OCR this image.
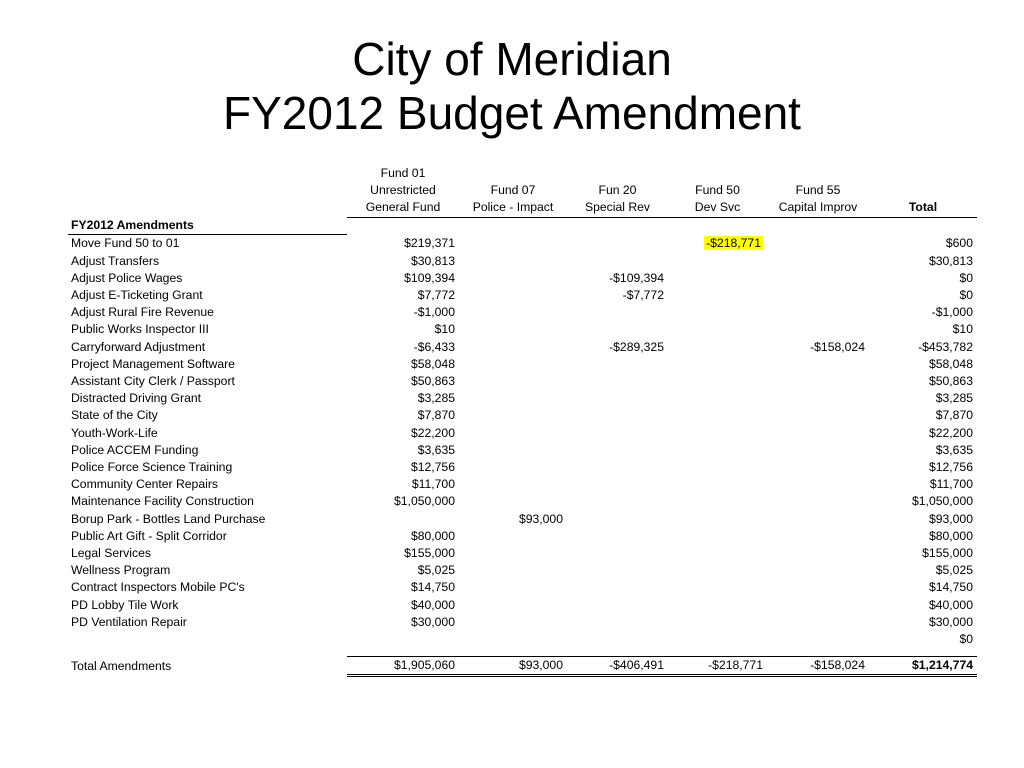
City of Meridian
FY2012 Budget Amendment
	Fund 01					
	Unrestricted	Fund 07	Fun 20	Fund 50	Fund 55	
	General Fund	Police - Impact	Special Rev	Dev Svc	Capital Improv	Total
FY2012 Amendments						
Move Fund 50 to 01	$219,371			-$218,771		$600
Adjust Transfers	$30,813					$30,813
Adjust Police Wages	$109,394		-$109,394			$0
Adjust E-Ticketing Grant	$7,772		-$7,772			$0
Adjust Rural Fire Revenue	-$1,000					-$1,000
Public Works Inspector III	$10					$10
Carryforward Adjustment	-$6,433		-$289,325		-$158,024	-$453,782
Project Management Software	$58,048					$58,048
Assistant City Clerk / Passport	$50,863					$50,863
Distracted Driving Grant	$3,285					$3,285
State of the City	$7,870					$7,870
Youth-Work-Life	$22,200					$22,200
Police ACCEM Funding	$3,635					$3,635
Police Force Science Training	$12,756					$12,756
Community Center Repairs	$11,700					$11,700
Maintenance Facility Construction	$1,050,000					$1,050,000
Borup Park - Bottles Land Purchase		$93,000				$93,000
Public Art Gift - Split Corridor	$80,000					$80,000
Legal Services	$155,000					$155,000
Wellness Program	$5,025					$5,025
Contract Inspectors Mobile PC's	$14,750					$14,750
PD Lobby Tile Work	$40,000					$40,000
PD Ventilation Repair	$30,000					$30,000
						$0

Total Amendments	$1,905,060	$93,000	-$406,491	-$218,771	-$158,024	$1,214,774
